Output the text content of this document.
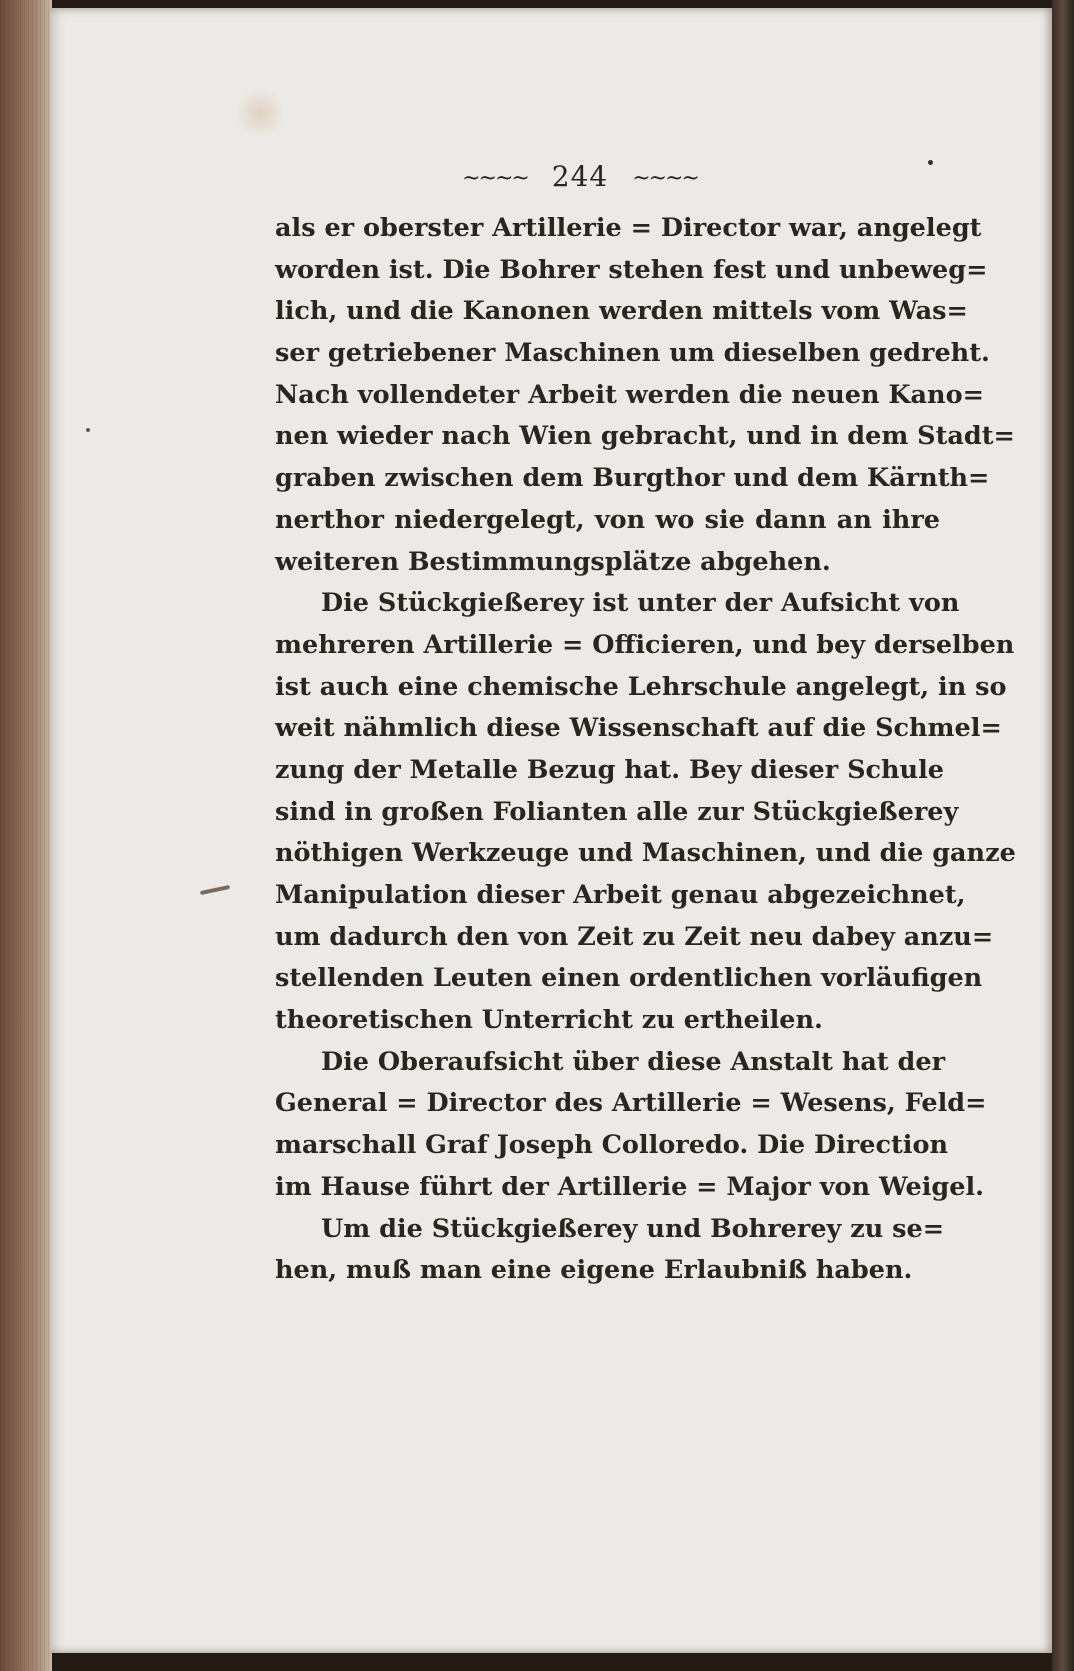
~~~~ 244 ~~~~
als er oberster Artillerie = Director war, angelegt
worden ist. Die Bohrer stehen fest und unbeweg=
lich, und die Kanonen werden mittels vom Was=
ser getriebener Maschinen um dieselben gedreht.
Nach vollendeter Arbeit werden die neuen Kano=
nen wieder nach Wien gebracht, und in dem Stadt=
graben zwischen dem Burgthor und dem Kärnth=
nerthor niedergelegt, von wo sie dann an ihre
weiteren Bestimmungsplätze abgehen.
Die Stückgießerey ist unter der Aufsicht von
mehreren Artillerie = Officieren, und bey derselben
ist auch eine chemische Lehrschule angelegt, in so
weit nähmlich diese Wissenschaft auf die Schmel=
zung der Metalle Bezug hat. Bey dieser Schule
sind in großen Folianten alle zur Stückgießerey
nöthigen Werkzeuge und Maschinen, und die ganze
Manipulation dieser Arbeit genau abgezeichnet,
um dadurch den von Zeit zu Zeit neu dabey anzu=
stellenden Leuten einen ordentlichen vorläufigen
theoretischen Unterricht zu ertheilen.
Die Oberaufsicht über diese Anstalt hat der
General = Director des Artillerie = Wesens, Feld=
marschall Graf Joseph Colloredo. Die Direction
im Hause führt der Artillerie = Major von Weigel.
Um die Stückgießerey und Bohrerey zu se=
hen, muß man eine eigene Erlaubniß haben.
